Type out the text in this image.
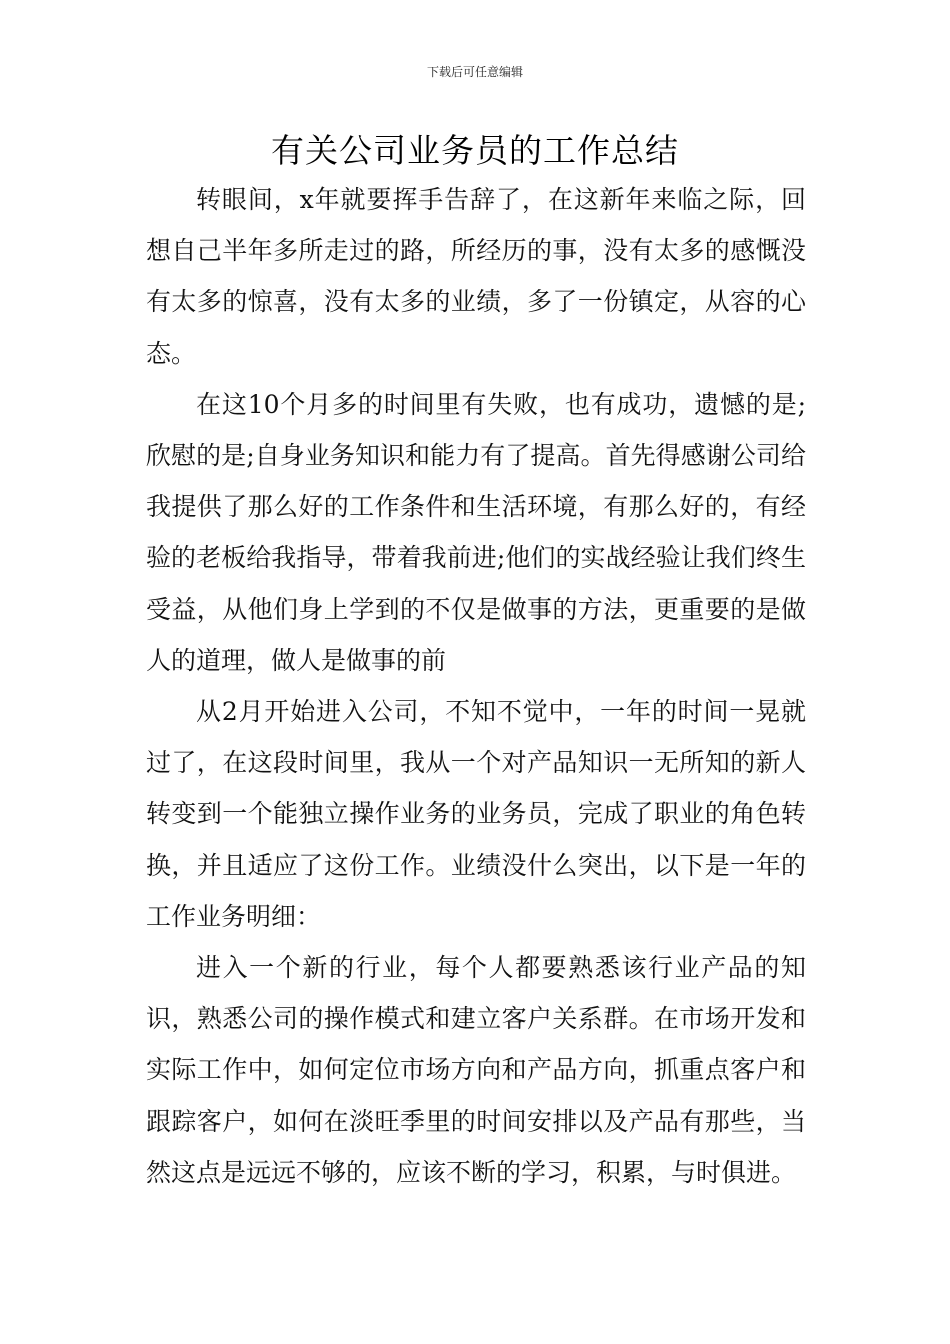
下载后可任意编辑
有关公司业务员的工作总结

转眼间，x年就要挥手告辞了，在这新年来临之际，回想自己半年多所走过的路，所经历的事，没有太多的感慨没有太多的惊喜，没有太多的业绩，多了一份镇定，从容的心态。

在这10个月多的时间里有失败，也有成功，遗憾的是;欣慰的是;自身业务知识和能力有了提高。首先得感谢公司给我提供了那么好的工作条件和生活环境，有那么好的，有经验的老板给我指导，带着我前进;他们的实战经验让我们终生受益，从他们身上学到的不仅是做事的方法，更重要的是做人的道理，做人是做事的前

从2月开始进入公司，不知不觉中，一年的时间一晃就过了，在这段时间里，我从一个对产品知识一无所知的新人转变到一个能独立操作业务的业务员，完成了职业的角色转换，并且适应了这份工作。业绩没什么突出，以下是一年的工作业务明细：

进入一个新的行业，每个人都要熟悉该行业产品的知识，熟悉公司的操作模式和建立客户关系群。在市场开发和实际工作中，如何定位市场方向和产品方向，抓重点客户和跟踪客户，如何在淡旺季里的时间安排以及产品有那些，当然这点是远远不够的，应该不断的学习，积累，与时俱进。
